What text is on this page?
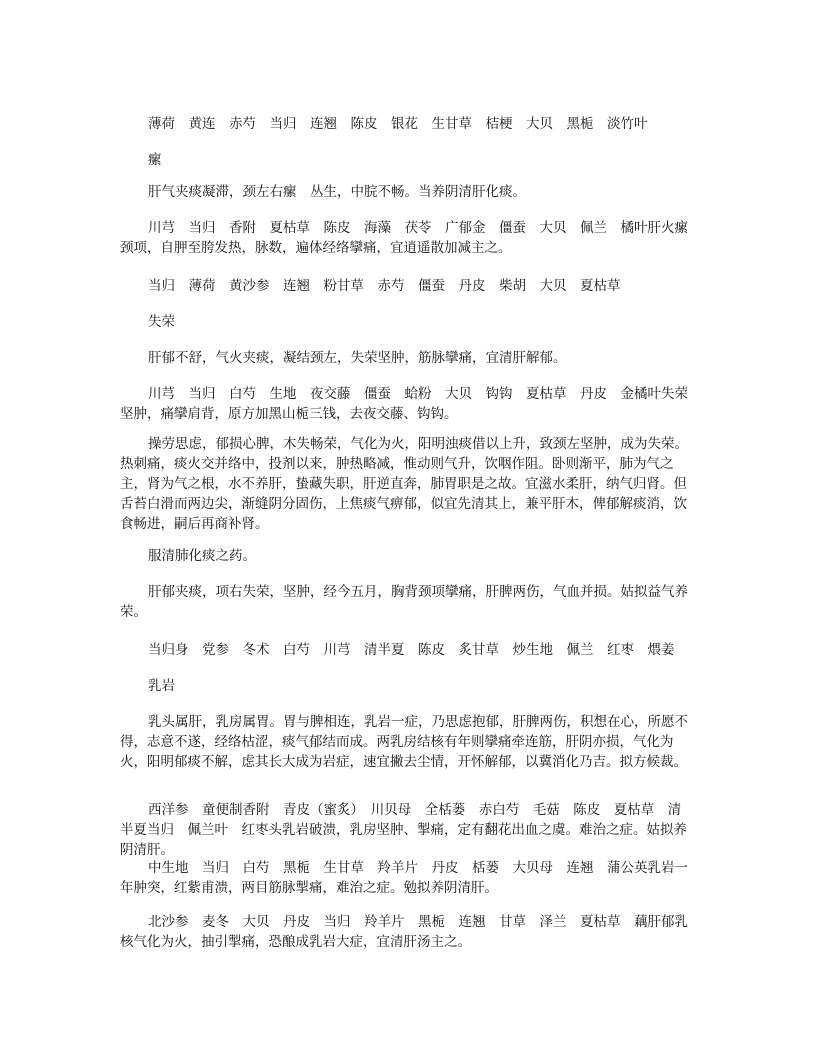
薄荷　黄连　赤芍　当归　连翘　陈皮　银花　生甘草　桔梗　大贝　黑栀　淡竹叶

瘰

肝气夹痰凝滞，颈左右瘰　丛生，中脘不畅。当养阴清肝化痰。

川芎　当归　香附　夏枯草　陈皮　海藻　茯苓　广郁金　僵蚕　大贝　佩兰　橘叶肝火瘰　颈项，自胛至胯发热，脉数，遍体经络攣痛，宜逍遥散加减主之。

当归　薄荷　黄沙参　连翘　粉甘草　赤芍　僵蚕　丹皮　柴胡　大贝　夏枯草

失荣

肝郁不舒，气火夹痰，凝结颈左，失荣坚肿，筋脉攣痛，宜清肝解郁。

川芎　当归　白芍　生地　夜交藤　僵蚕　蛤粉　大贝　钩钩　夏枯草　丹皮　金橘叶失荣坚肿，痛攣肩背，原方加黑山栀三钱，去夜交藤、钩钩。

操劳思虑，郁损心脾，木失畅荣，气化为火，阳明浊痰借以上升，致颈左坚肿，成为失荣。热刺痛，痰火交并络中，投剂以来，肿热略减，惟动则气升，饮咽作阻。卧则渐平，肺为气之主，肾为气之根，水不养肝，蛰藏失职，肝逆直奔，肺胃职是之故。宜滋水柔肝，纳气归肾。但舌苔白滑而两边尖，渐缝阴分固伤，上焦痰气痹郁，似宜先清其上，兼平肝木，俾郁解痰消，饮食畅进，嗣后再商补肾。

服清肺化痰之药。

肝郁夹痰，项右失荣，坚肿，经今五月，胸背颈项攣痛，肝脾两伤，气血并损。姑拟益气养荣。

当归身　党参　冬术　白芍　川芎　清半夏　陈皮　炙甘草　炒生地　佩兰　红枣　煨姜

乳岩

乳头属肝，乳房属胃。胃与脾相连，乳岩一症，乃思虑抱郁，肝脾两伤，积想在心，所愿不得，志意不遂，经络枯涩，痰气郁结而成。两乳房结核有年则攣痛牵连筋，肝阴亦损，气化为火，阳明郁痰不解，虑其长大成为岩症，速宜撇去尘情，开怀解郁，以冀消化乃吉。拟方候裁。

西洋参　童便制香附　青皮（蜜炙）　川贝母　全栝蒌　赤白芍　毛菇　陈皮　夏枯草　清半夏当归　佩兰叶　红枣头乳岩破溃，乳房坚肿、掣痛，定有翻花出血之虞。难治之症。姑拟养阴清肝。

中生地　当归　白芍　黑栀　生甘草　羚羊片　丹皮　栝蒌　大贝母　连翘　蒲公英乳岩一年肿突，红紫甫溃，两目筋脉掣痛，难治之症。勉拟养阴清肝。

北沙参　麦冬　大贝　丹皮　当归　羚羊片　黑栀　连翘　甘草　泽兰　夏枯草　藕肝郁乳核气化为火，抽引掣痛，恐酿成乳岩大症，宜清肝汤主之。
